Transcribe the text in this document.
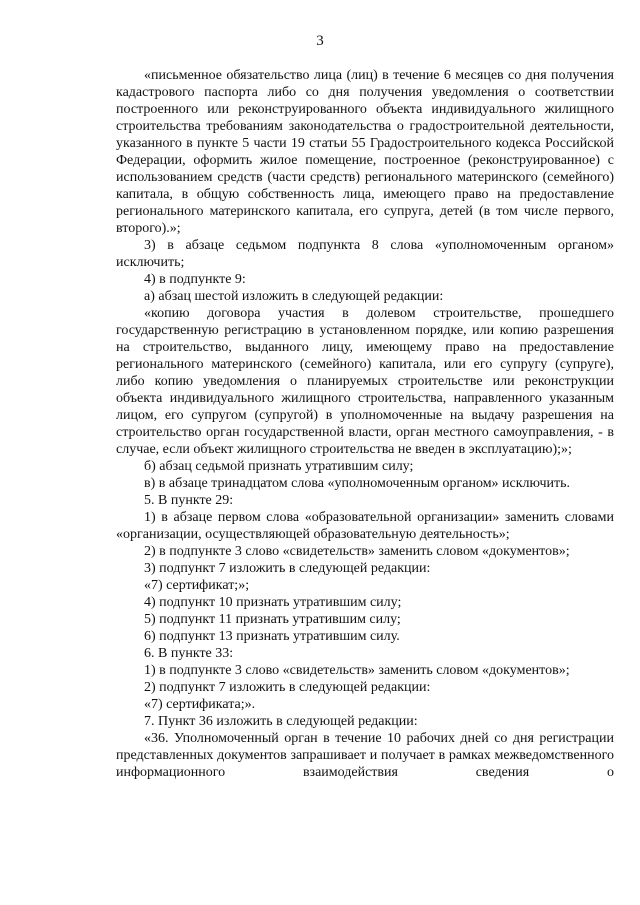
3

«письменное обязательство лица (лиц) в течение 6 месяцев со дня получения кадастрового паспорта либо со дня получения уведомления о соответствии построенного или реконструированного объекта индивидуального жилищного строительства требованиям законодательства о градостроительной деятельности, указанного в пункте 5 части 19 статьи 55 Градостроительного кодекса Российской Федерации, оформить жилое помещение, построенное (реконструированное) с использованием средств (части средств) регионального материнского (семейного) капитала, в общую собственность лица, имеющего право на предоставление регионального материнского капитала, его супруга, детей (в том числе первого, второго).»;

3) в абзаце седьмом подпункта 8 слова «уполномоченным органом» исключить;

4) в подпункте 9:

а) абзац шестой изложить в следующей редакции:

«копию договора участия в долевом строительстве, прошедшего государственную регистрацию в установленном порядке, или копию разрешения на строительство, выданного лицу, имеющему право на предоставление регионального материнского (семейного) капитала, или его супругу (супруге), либо копию уведомления о планируемых строительстве или реконструкции объекта индивидуального жилищного строительства, направленного указанным лицом, его супругом (супругой) в уполномоченные на выдачу разрешения на строительство орган государственной власти, орган местного самоуправления, - в случае, если объект жилищного строительства не введен в эксплуатацию);»;

б) абзац седьмой признать утратившим силу;

в) в абзаце тринадцатом слова «уполномоченным органом» исключить.

5. В пункте 29:

1) в абзаце первом слова «образовательной организации» заменить словами «организации, осуществляющей образовательную деятельность»;

2) в подпункте 3 слово «свидетельств» заменить словом «документов»;

3) подпункт 7 изложить в следующей редакции:

«7) сертификат;»;

4) подпункт 10 признать утратившим силу;

5) подпункт 11 признать утратившим силу;

6) подпункт 13 признать утратившим силу.

6. В пункте 33:

1) в подпункте 3 слово «свидетельств» заменить словом «документов»;

2) подпункт 7 изложить в следующей редакции:

«7) сертификата;».

7. Пункт 36 изложить в следующей редакции:

«36. Уполномоченный орган в течение 10 рабочих дней со дня регистрации представленных документов запрашивает и получает в рамках межведомственного информационного взаимодействия сведения о
